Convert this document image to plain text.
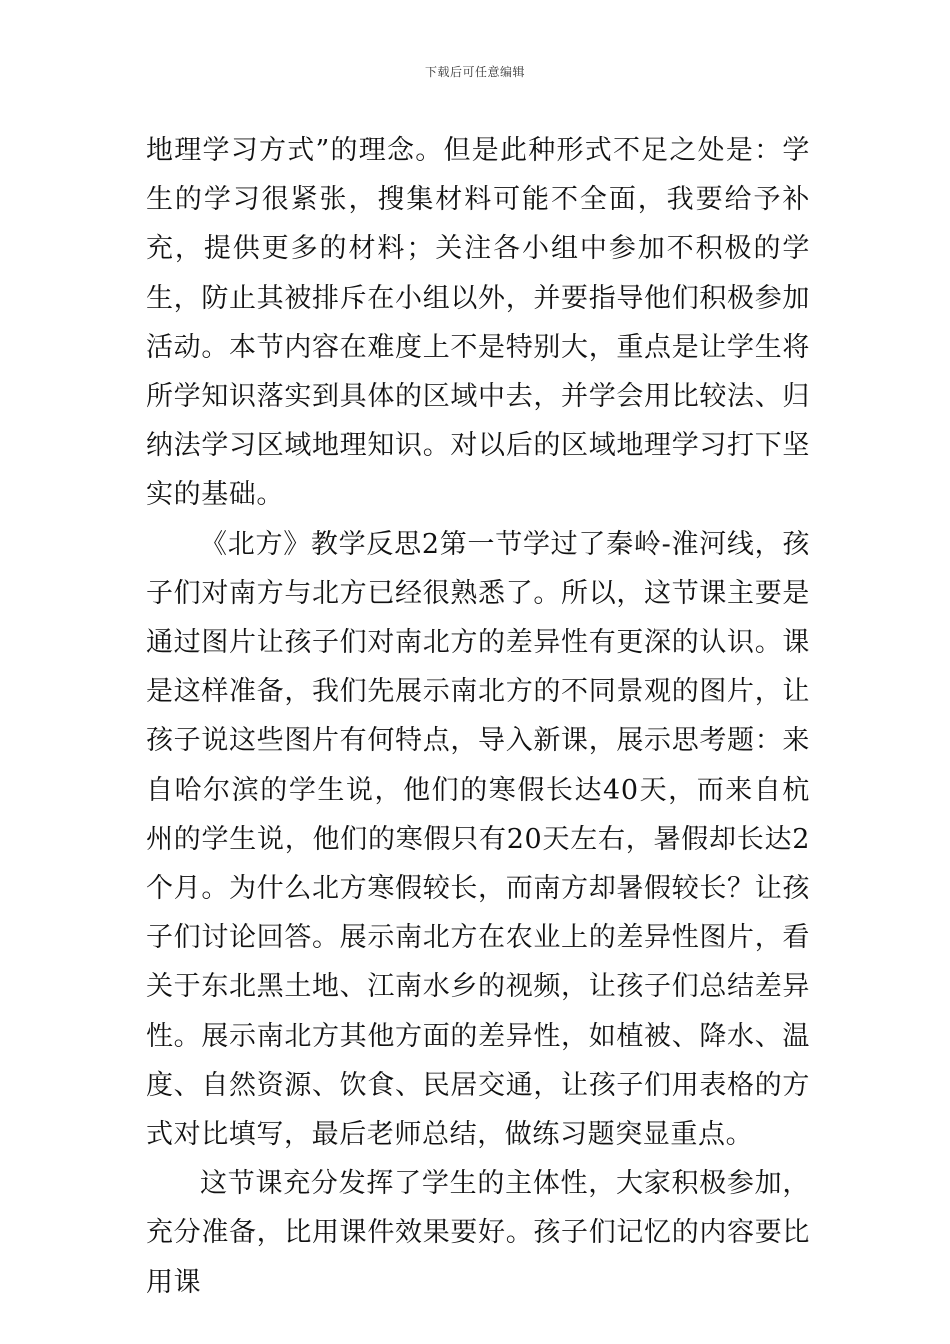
下载后可任意编辑

地理学习方式”的理念。但是此种形式不足之处是：学生的学习很紧张，搜集材料可能不全面，我要给予补充，提供更多的材料；关注各小组中参加不积极的学生，防止其被排斥在小组以外，并要指导他们积极参加活动。本节内容在难度上不是特别大，重点是让学生将所学知识落实到具体的区域中去，并学会用比较法、归纳法学习区域地理知识。对以后的区域地理学习打下坚实的基础。

《北方》教学反思2第一节学过了秦岭-淮河线，孩子们对南方与北方已经很熟悉了。所以，这节课主要是通过图片让孩子们对南北方的差异性有更深的认识。课是这样准备，我们先展示南北方的不同景观的图片，让孩子说这些图片有何特点，导入新课，展示思考题：来自哈尔滨的学生说，他们的寒假长达40天，而来自杭州的学生说，他们的寒假只有20天左右，暑假却长达2个月。为什么北方寒假较长，而南方却暑假较长？让孩子们讨论回答。展示南北方在农业上的差异性图片，看关于东北黑土地、江南水乡的视频，让孩子们总结差异性。展示南北方其他方面的差异性，如植被、降水、温度、自然资源、饮食、民居交通，让孩子们用表格的方式对比填写，最后老师总结，做练习题突显重点。

这节课充分发挥了学生的主体性，大家积极参加，充分准备，比用课件效果要好。孩子们记忆的内容要比用课
